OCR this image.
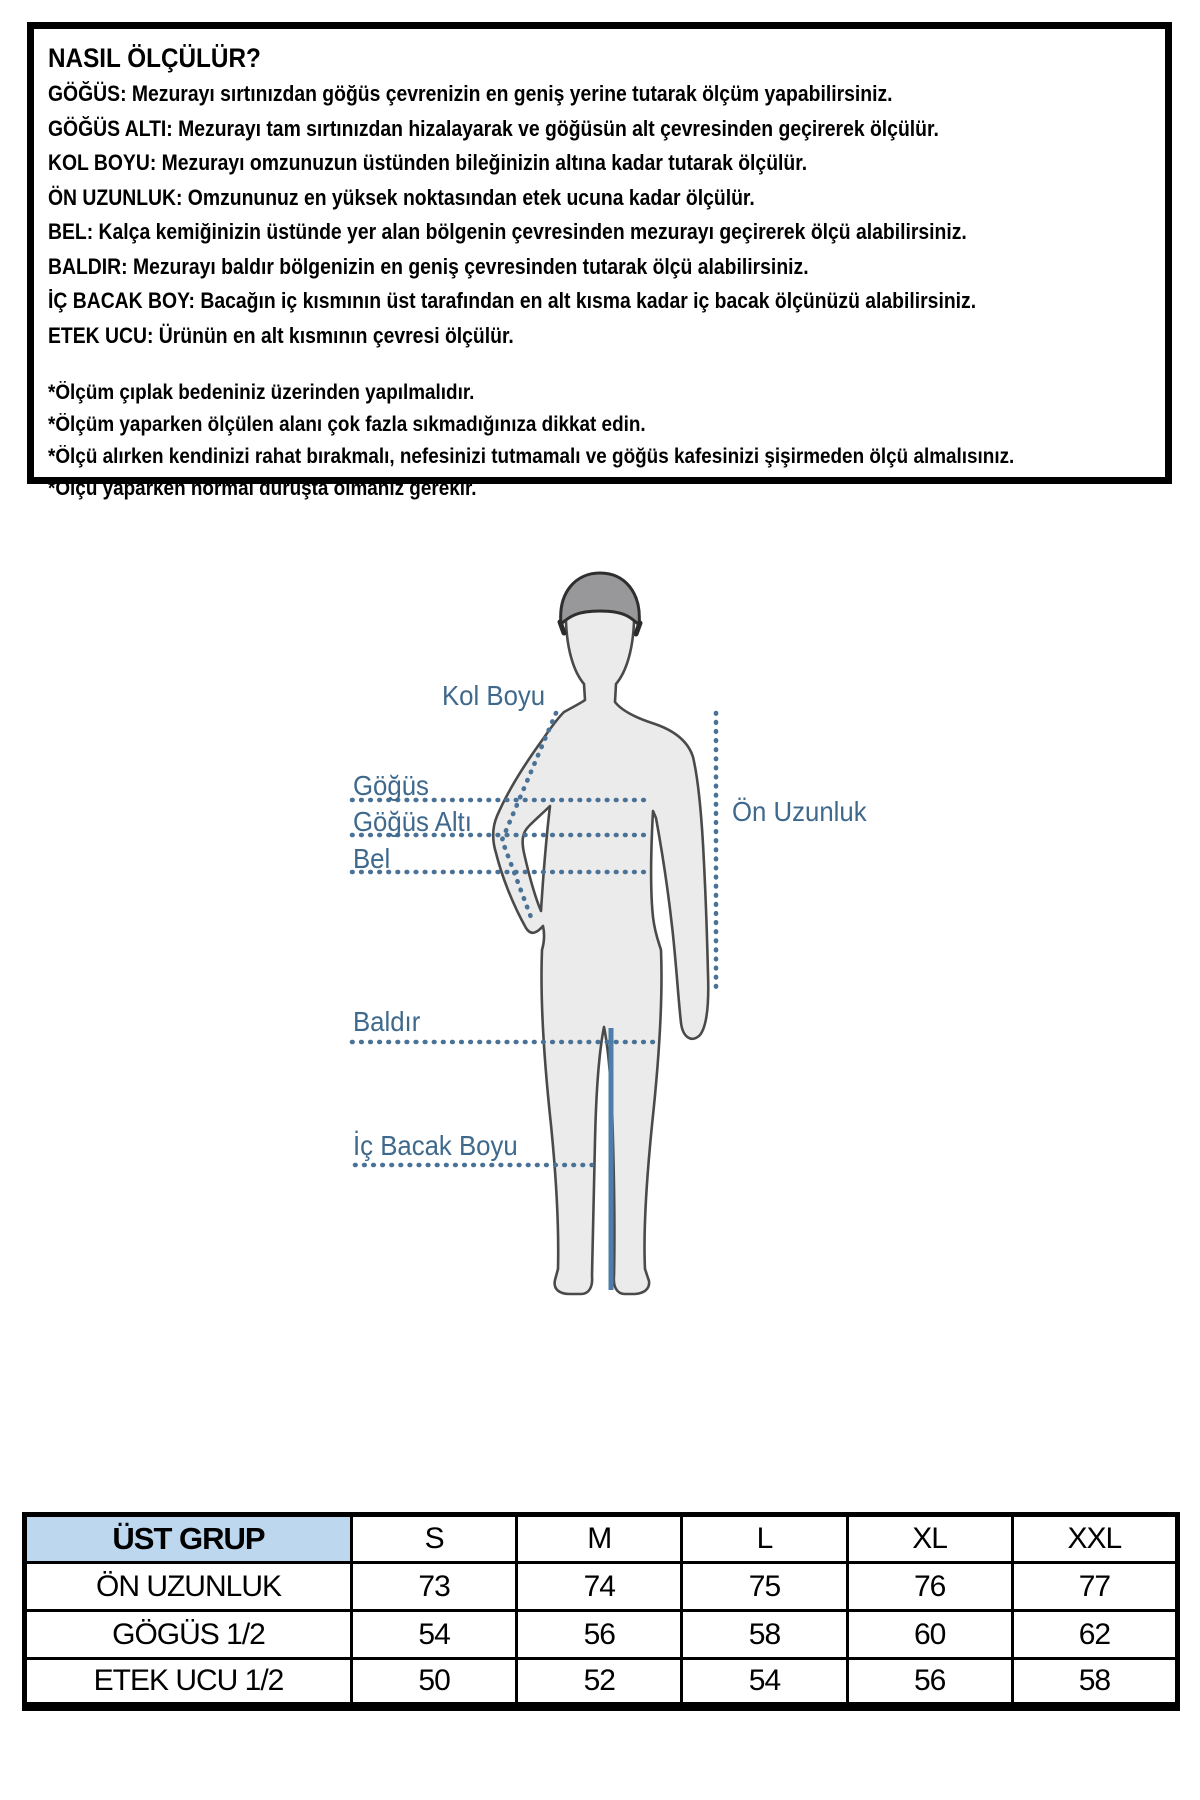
NASIL ÖLÇÜLÜR?
GÖĞÜS: Mezurayı sırtınızdan göğüs çevrenizin en geniş yerine tutarak ölçüm yapabilirsiniz.
GÖĞÜS ALTI: Mezurayı tam sırtınızdan hizalayarak ve göğüsün alt çevresinden geçirerek ölçülür.
KOL BOYU: Mezurayı omzunuzun üstünden bileğinizin altına kadar tutarak ölçülür.
ÖN UZUNLUK: Omzununuz en yüksek noktasından etek ucuna kadar ölçülür.
BEL: Kalça kemiğinizin üstünde yer alan bölgenin çevresinden mezurayı geçirerek ölçü alabilirsiniz.
BALDIR: Mezurayı baldır bölgenizin en geniş çevresinden tutarak ölçü alabilirsiniz.
İÇ BACAK BOY: Bacağın iç kısmının üst tarafından en alt kısma kadar iç bacak ölçünüzü alabilirsiniz.
ETEK UCU: Ürünün en alt kısmının çevresi ölçülür.
*Ölçüm çıplak bedeniniz üzerinden yapılmalıdır.
*Ölçüm yaparken ölçülen alanı çok fazla sıkmadığınıza dikkat edin.
*Ölçü alırken kendinizi rahat bırakmalı, nefesinizi tutmamalı ve göğüs kafesinizi şişirmeden ölçü almalısınız.
*Ölçü yaparken normal duruşta olmanız gerekir.
Kol Boyu
Göğüs
Göğüs Altı
Bel
Ön Uzunluk
Baldır
İç Bacak Boyu
ÜST GRUP	S	M	L	XL	XXL
ÖN UZUNLUK	73	74	75	76	77
GÖGÜS 1/2	54	56	58	60	62
ETEK UCU 1/2	50	52	54	56	58
